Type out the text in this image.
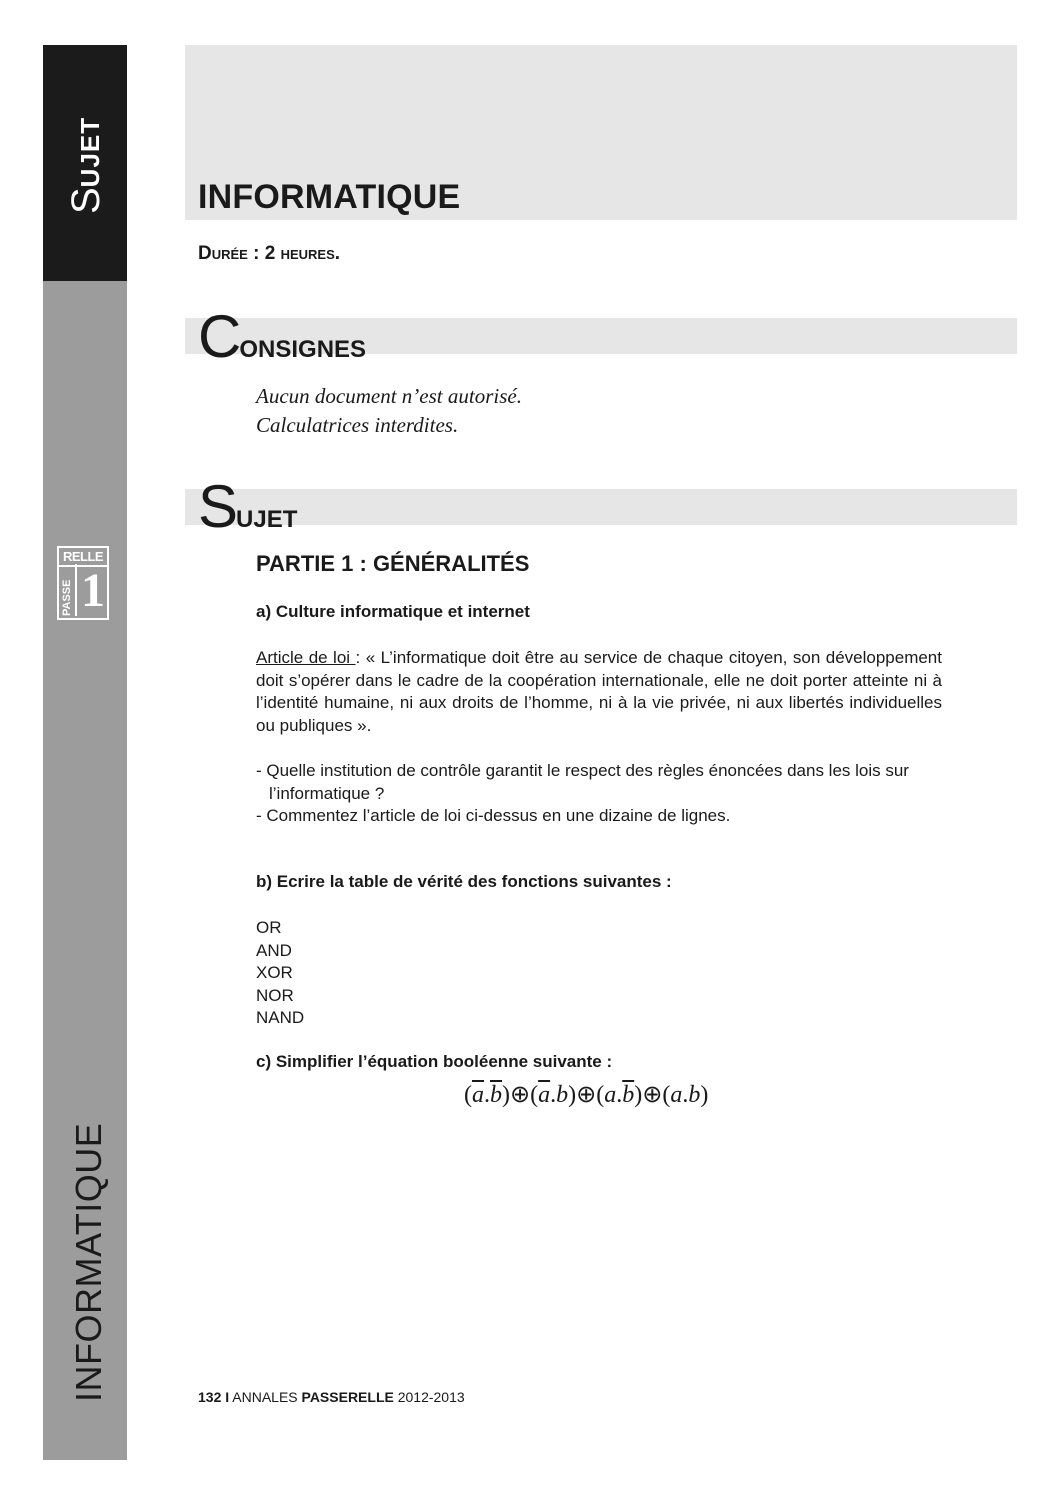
SUJET
RELLE
PASSE 1
INFORMATIQUE
INFORMATIQUE

Durée : 2 heures.

CONSIGNES
Aucun document n’est autorisé.
Calculatrices interdites.
SUJET
PARTIE 1 : GÉNÉRALITÉS
a) Culture informatique et internet

Article de loi : « L’informatique doit être au service de chaque citoyen, son développement doit s’opérer dans le cadre de la coopération internationale, elle ne doit porter atteinte ni à l’identité humaine, ni aux droits de l’homme, ni à la vie privée, ni aux libertés individuelles ou publiques ».

- Quelle institution de contrôle garantit le respect des règles énoncées dans les lois sur l’informatique ?
- Commentez l’article de loi ci-dessus en une dizaine de lignes.
b) Ecrire la table de vérité des fonctions suivantes :
OR
AND
XOR
NOR
NAND
c) Simplifier l’équation booléenne suivante :
$(\overline{a}.\overline{b})\oplus(\overline{a}.b)\oplus(a.\overline{b})\oplus(a.b)$

132 I ANNALES PASSERELLE 2012-2013
